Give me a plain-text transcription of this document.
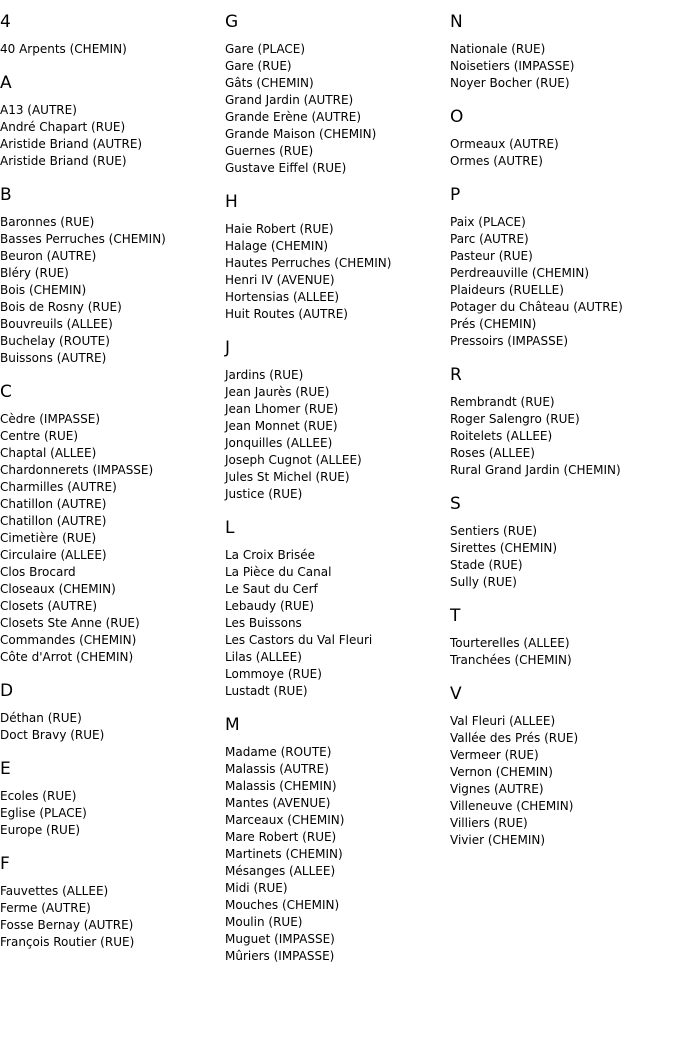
4
40 Arpents (CHEMIN)
A
A13 (AUTRE)
André Chapart (RUE)
Aristide Briand (AUTRE)
Aristide Briand (RUE)
B
Baronnes (RUE)
Basses Perruches (CHEMIN)
Beuron (AUTRE)
Bléry (RUE)
Bois (CHEMIN)
Bois de Rosny (RUE)
Bouvreuils (ALLEE)
Buchelay (ROUTE)
Buissons (AUTRE)
C
Cèdre (IMPASSE)
Centre (RUE)
Chaptal (ALLEE)
Chardonnerets (IMPASSE)
Charmilles (AUTRE)
Chatillon (AUTRE)
Chatillon (AUTRE)
Cimetière (RUE)
Circulaire (ALLEE)
Clos Brocard
Closeaux (CHEMIN)
Closets (AUTRE)
Closets Ste Anne (RUE)
Commandes (CHEMIN)
Côte d'Arrot (CHEMIN)
D
Déthan (RUE)
Doct Bravy (RUE)
E
Ecoles (RUE)
Eglise (PLACE)
Europe (RUE)
F
Fauvettes (ALLEE)
Ferme (AUTRE)
Fosse Bernay (AUTRE)
François Routier (RUE)
G
Gare (PLACE)
Gare (RUE)
Gâts (CHEMIN)
Grand Jardin (AUTRE)
Grande Erène (AUTRE)
Grande Maison (CHEMIN)
Guernes (RUE)
Gustave Eiffel (RUE)
H
Haie Robert (RUE)
Halage (CHEMIN)
Hautes Perruches (CHEMIN)
Henri IV (AVENUE)
Hortensias (ALLEE)
Huit Routes (AUTRE)
J
Jardins (RUE)
Jean Jaurès (RUE)
Jean Lhomer (RUE)
Jean Monnet (RUE)
Jonquilles (ALLEE)
Joseph Cugnot (ALLEE)
Jules St Michel (RUE)
Justice (RUE)
L
La Croix Brisée
La Pièce du Canal
Le Saut du Cerf
Lebaudy (RUE)
Les Buissons
Les Castors du Val Fleuri
Lilas (ALLEE)
Lommoye (RUE)
Lustadt (RUE)
M
Madame (ROUTE)
Malassis (AUTRE)
Malassis (CHEMIN)
Mantes (AVENUE)
Marceaux (CHEMIN)
Mare Robert (RUE)
Martinets (CHEMIN)
Mésanges (ALLEE)
Midi (RUE)
Mouches (CHEMIN)
Moulin (RUE)
Muguet (IMPASSE)
Mûriers (IMPASSE)
N
Nationale (RUE)
Noisetiers (IMPASSE)
Noyer Bocher (RUE)
O
Ormeaux (AUTRE)
Ormes (AUTRE)
P
Paix (PLACE)
Parc (AUTRE)
Pasteur (RUE)
Perdreauville (CHEMIN)
Plaideurs (RUELLE)
Potager du Château (AUTRE)
Prés (CHEMIN)
Pressoirs (IMPASSE)
R
Rembrandt (RUE)
Roger Salengro (RUE)
Roitelets (ALLEE)
Roses (ALLEE)
Rural Grand Jardin (CHEMIN)
S
Sentiers (RUE)
Sirettes (CHEMIN)
Stade (RUE)
Sully (RUE)
T
Tourterelles (ALLEE)
Tranchées (CHEMIN)
V
Val Fleuri (ALLEE)
Vallée des Prés (RUE)
Vermeer (RUE)
Vernon (CHEMIN)
Vignes (AUTRE)
Villeneuve (CHEMIN)
Villiers (RUE)
Vivier (CHEMIN)
